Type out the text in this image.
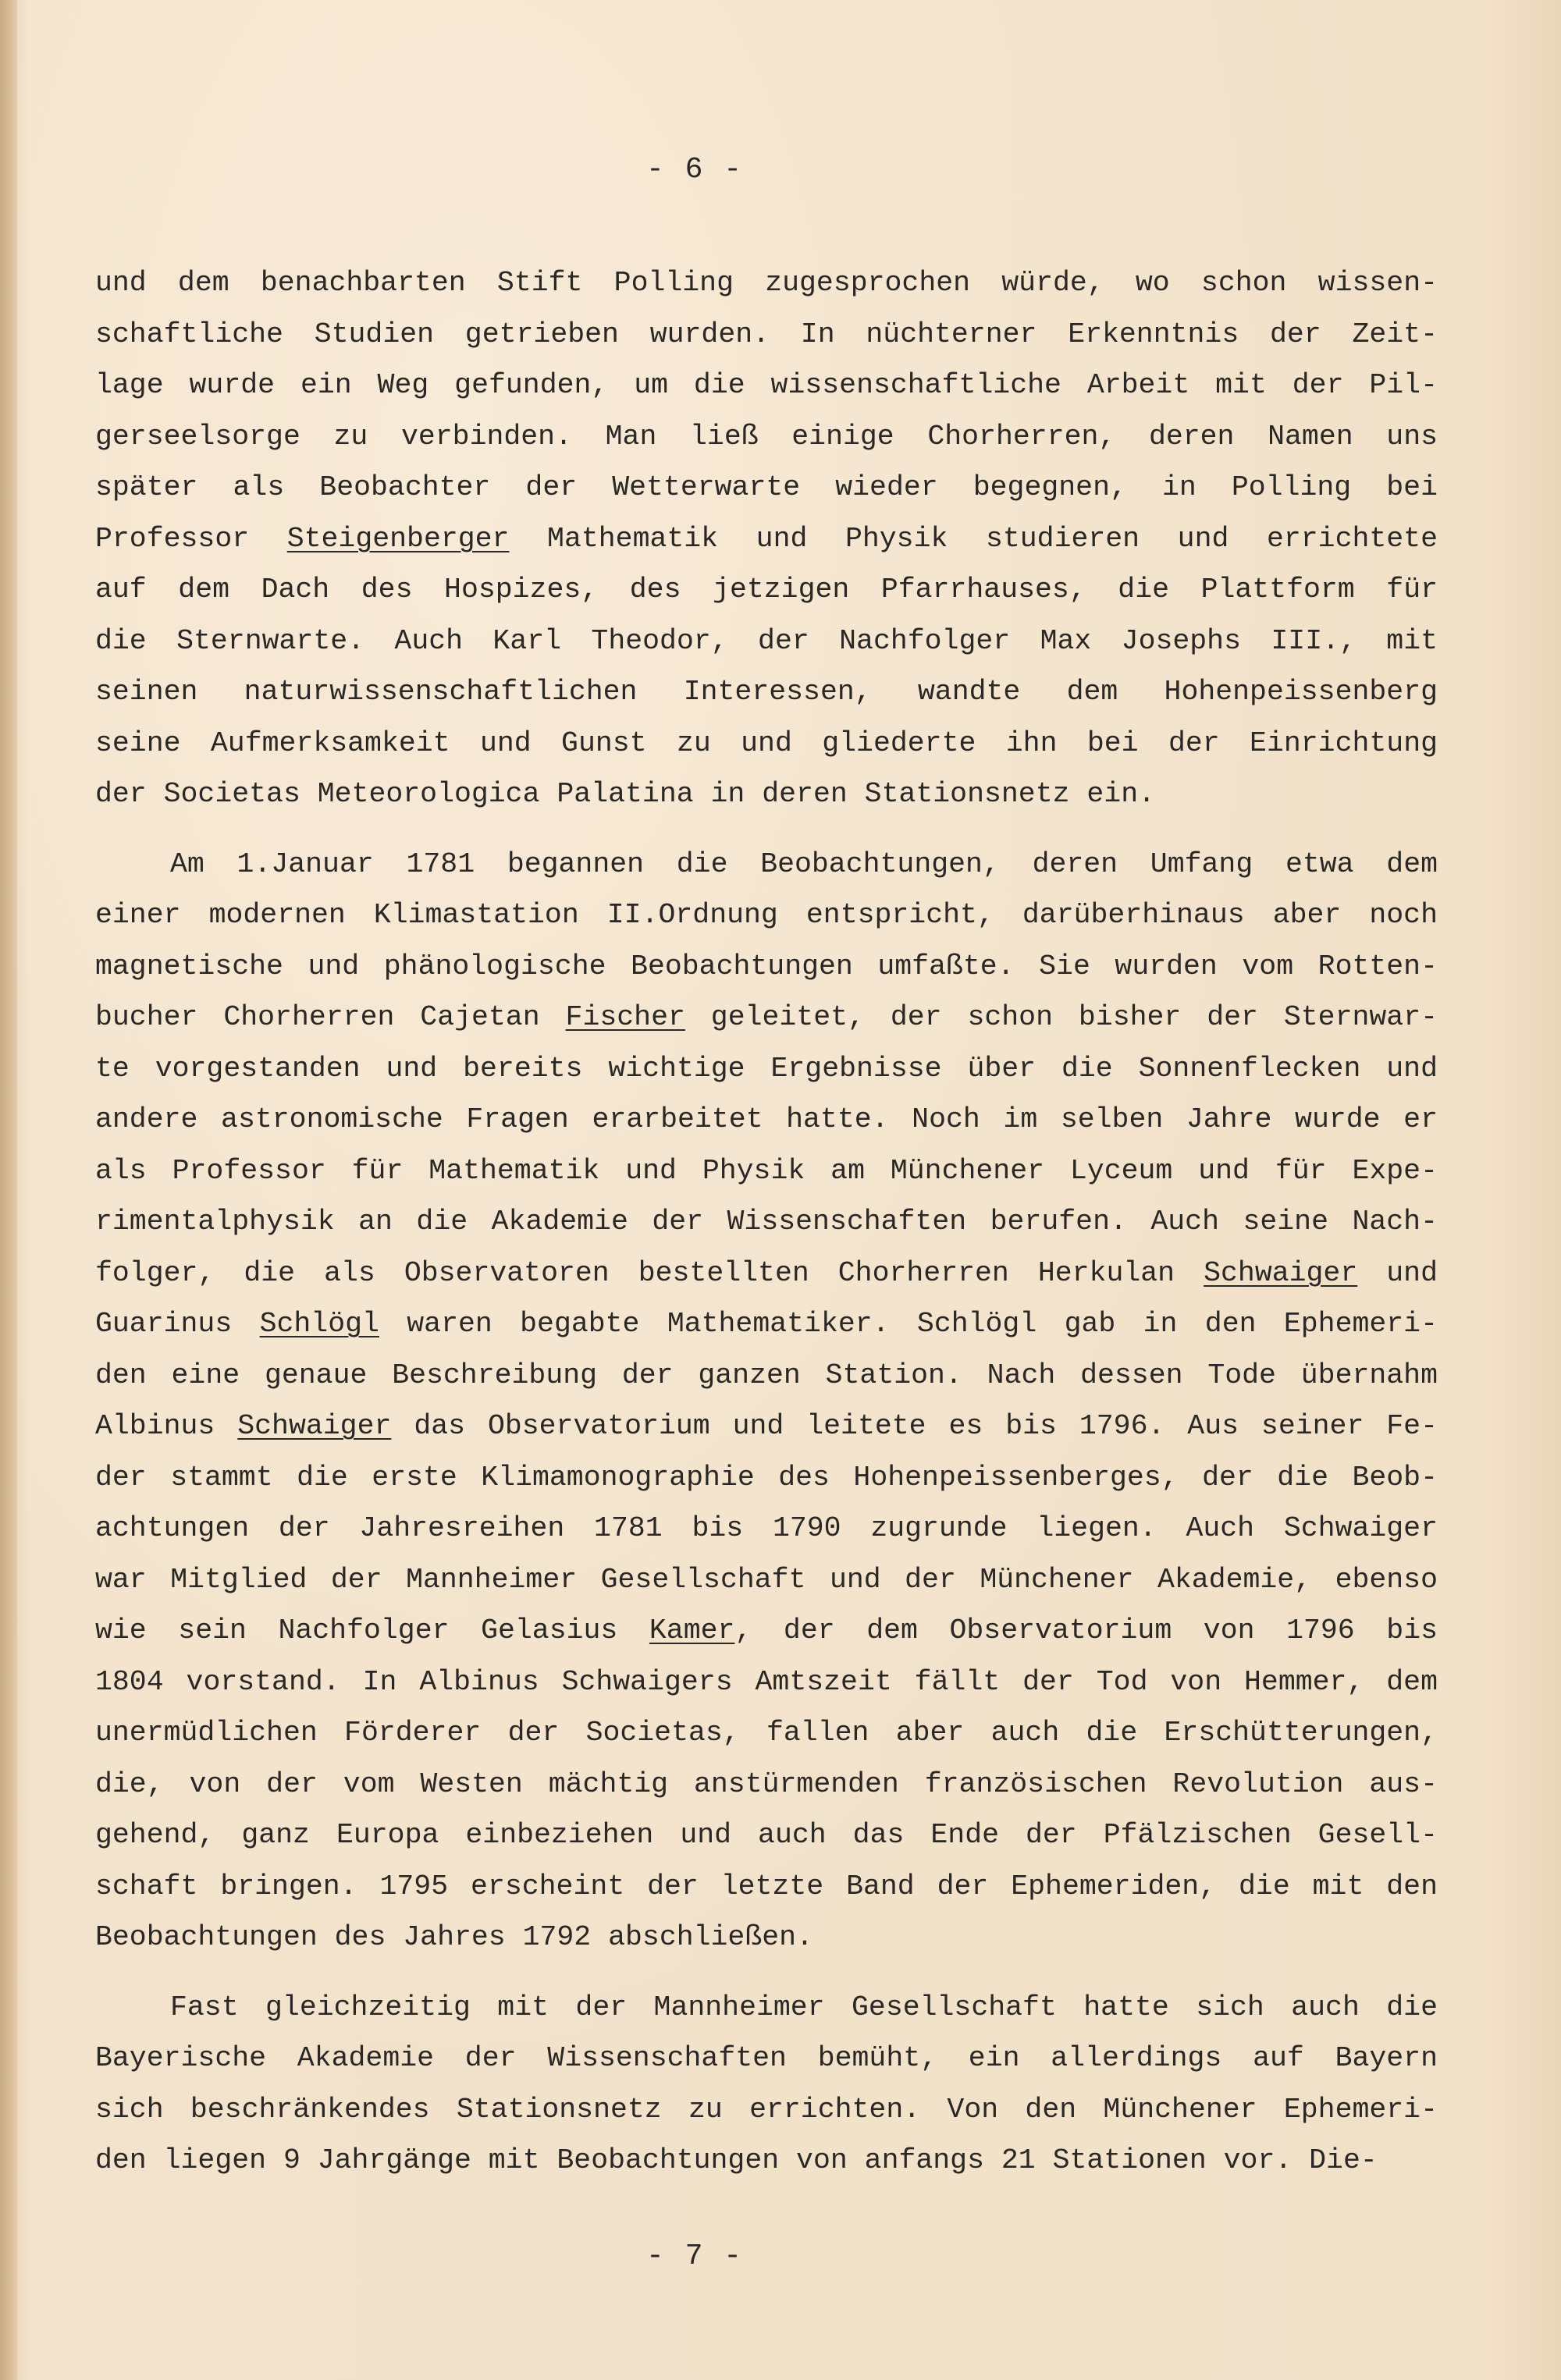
- 6 -
und dem benachbarten Stift Polling zugesprochen würde, wo schon wissen-
schaftliche Studien getrieben wurden. In nüchterner Erkenntnis der Zeit-
lage wurde ein Weg gefunden, um die wissenschaftliche Arbeit mit der Pil-
gerseelsorge zu verbinden. Man ließ einige Chorherren, deren Namen uns
später als Beobachter der Wetterwarte wieder begegnen, in Polling bei
Professor Steigenberger Mathematik und Physik studieren und errichtete
auf dem Dach des Hospizes, des jetzigen Pfarrhauses, die Plattform für
die Sternwarte. Auch Karl Theodor, der Nachfolger Max Josephs III., mit
seinen naturwissenschaftlichen Interessen, wandte dem Hohenpeissenberg
seine Aufmerksamkeit und Gunst zu und gliederte ihn bei der Einrichtung
der Societas Meteorologica Palatina in deren Stationsnetz ein.
Am 1.Januar 1781 begannen die Beobachtungen, deren Umfang etwa dem
einer modernen Klimastation II.Ordnung entspricht, darüberhinaus aber noch
magnetische und phänologische Beobachtungen umfaßte. Sie wurden vom Rotten-
bucher Chorherren Cajetan Fischer geleitet, der schon bisher der Sternwar-
te vorgestanden und bereits wichtige Ergebnisse über die Sonnenflecken und
andere astronomische Fragen erarbeitet hatte. Noch im selben Jahre wurde er
als Professor für Mathematik und Physik am Münchener Lyceum und für Expe-
rimentalphysik an die Akademie der Wissenschaften berufen. Auch seine Nach-
folger, die als Observatoren bestellten Chorherren Herkulan Schwaiger und
Guarinus Schlögl waren begabte Mathematiker. Schlögl gab in den Ephemeri-
den eine genaue Beschreibung der ganzen Station. Nach dessen Tode übernahm
Albinus Schwaiger das Observatorium und leitete es bis 1796. Aus seiner Fe-
der stammt die erste Klimamonographie des Hohenpeissenberges, der die Beob-
achtungen der Jahresreihen 1781 bis 1790 zugrunde liegen. Auch Schwaiger
war Mitglied der Mannheimer Gesellschaft und der Münchener Akademie, ebenso
wie sein Nachfolger Gelasius Kamer, der dem Observatorium von 1796 bis
1804 vorstand. In Albinus Schwaigers Amtszeit fällt der Tod von Hemmer, dem
unermüdlichen Förderer der Societas, fallen aber auch die Erschütterungen,
die, von der vom Westen mächtig anstürmenden französischen Revolution aus-
gehend, ganz Europa einbeziehen und auch das Ende der Pfälzischen Gesell-
schaft bringen. 1795 erscheint der letzte Band der Ephemeriden, die mit den
Beobachtungen des Jahres 1792 abschließen.
Fast gleichzeitig mit der Mannheimer Gesellschaft hatte sich auch die
Bayerische Akademie der Wissenschaften bemüht, ein allerdings auf Bayern
sich beschränkendes Stationsnetz zu errichten. Von den Münchener Ephemeri-
den liegen 9 Jahrgänge mit Beobachtungen von anfangs 21 Stationen vor. Die-
- 7 -
